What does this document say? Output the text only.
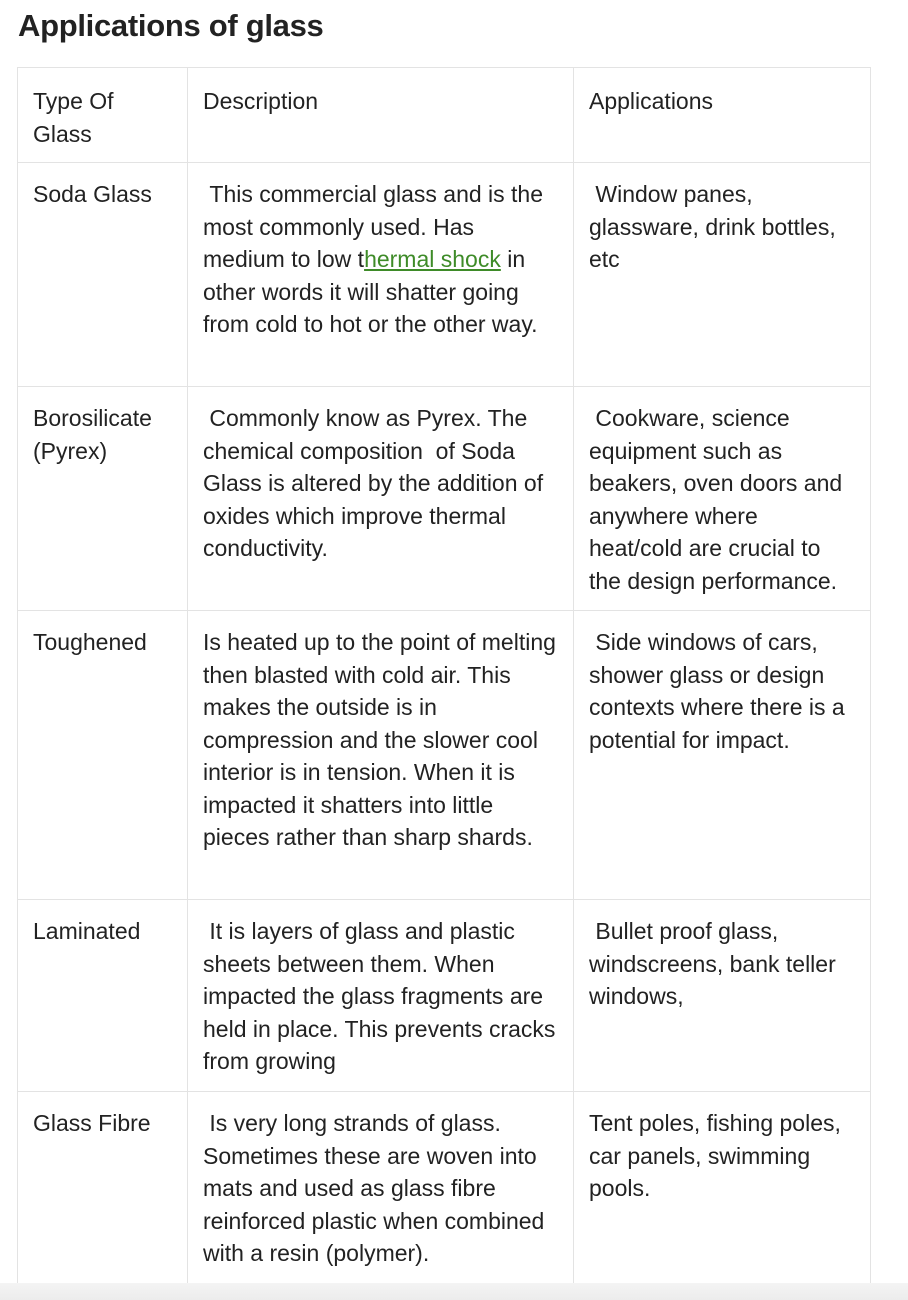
Applications of glass
Type Of Glass	Description	Applications
Soda Glass	This commercial glass and is the most commonly used. Has medium to low thermal shock in other words it will shatter going from cold to hot or the other way.	Window panes, glassware, drink bottles, etc
Borosilicate (Pyrex)	Commonly know as Pyrex. The chemical composition  of Soda Glass is altered by the addition of oxides which improve thermal conductivity.	Cookware, science equipment such as beakers, oven doors and anywhere where heat/cold are crucial to the design performance.
Toughened	Is heated up to the point of melting then blasted with cold air. This makes the outside is in compression and the slower cool interior is in tension. When it is impacted it shatters into little pieces rather than sharp shards.	Side windows of cars, shower glass or design contexts where there is a potential for impact.
Laminated	It is layers of glass and plastic sheets between them. When impacted the glass fragments are held in place. This prevents cracks from growing	Bullet proof glass, windscreens, bank teller windows,
Glass Fibre	Is very long strands of glass. Sometimes these are woven into mats and used as glass fibre reinforced plastic when combined with a resin (polymer).	Tent poles, fishing poles, car panels, swimming pools.
